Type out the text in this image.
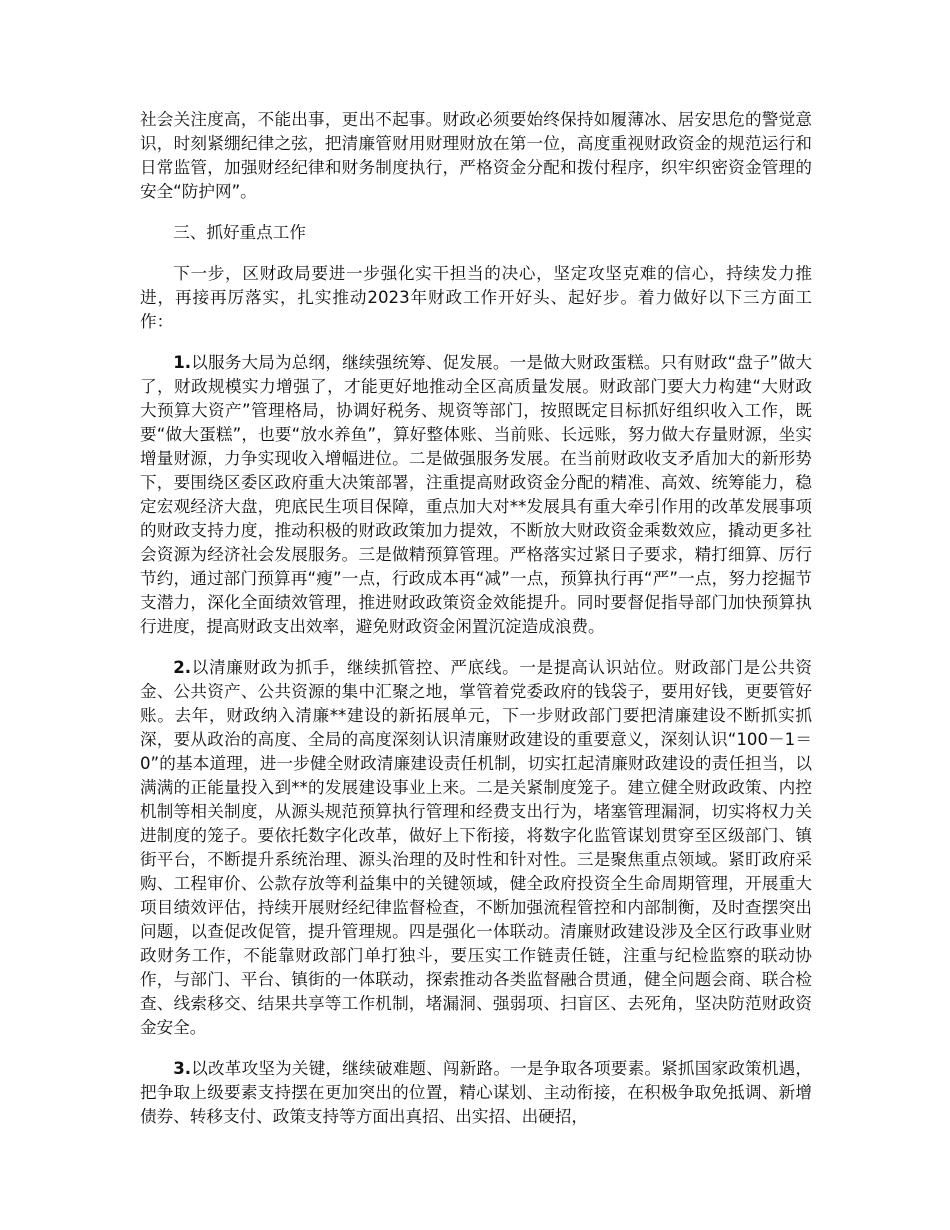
社会关注度高，不能出事，更出不起事。财政必须要始终保持如履薄冰、居安思危的警觉意识，时刻紧绷纪律之弦，把清廉管财用财理财放在第一位，高度重视财政资金的规范运行和日常监管，加强财经纪律和财务制度执行，严格资金分配和拨付程序，织牢织密资金管理的安全“防护网”。

三、抓好重点工作

下一步，区财政局要进一步强化实干担当的决心，坚定攻坚克难的信心，持续发力推进，再接再厉落实，扎实推动2023年财政工作开好头、起好步。着力做好以下三方面工作：

1.以服务大局为总纲，继续强统筹、促发展。一是做大财政蛋糕。只有财政“盘子”做大了，财政规模实力增强了，才能更好地推动全区高质量发展。财政部门要大力构建“大财政大预算大资产”管理格局，协调好税务、规资等部门，按照既定目标抓好组织收入工作，既要“做大蛋糕”，也要“放水养鱼”，算好整体账、当前账、长远账，努力做大存量财源，坐实增量财源，力争实现收入增幅进位。二是做强服务发展。在当前财政收支矛盾加大的新形势下，要围绕区委区政府重大决策部署，注重提高财政资金分配的精准、高效、统筹能力，稳定宏观经济大盘，兜底民生项目保障，重点加大对**发展具有重大牵引作用的改革发展事项的财政支持力度，推动积极的财政政策加力提效，不断放大财政资金乘数效应，撬动更多社会资源为经济社会发展服务。三是做精预算管理。严格落实过紧日子要求，精打细算、厉行节约，通过部门预算再“瘦”一点，行政成本再“减”一点，预算执行再“严”一点，努力挖掘节支潜力，深化全面绩效管理，推进财政政策资金效能提升。同时要督促指导部门加快预算执行进度，提高财政支出效率，避免财政资金闲置沉淀造成浪费。

2.以清廉财政为抓手，继续抓管控、严底线。一是提高认识站位。财政部门是公共资金、公共资产、公共资源的集中汇聚之地，掌管着党委政府的钱袋子，要用好钱，更要管好账。去年，财政纳入清廉**建设的新拓展单元，下一步财政部门要把清廉建设不断抓实抓深，要从政治的高度、全局的高度深刻认识清廉财政建设的重要意义，深刻认识“100－1＝0”的基本道理，进一步健全财政清廉建设责任机制，切实扛起清廉财政建设的责任担当，以满满的正能量投入到**的发展建设事业上来。二是关紧制度笼子。建立健全财政政策、内控机制等相关制度，从源头规范预算执行管理和经费支出行为，堵塞管理漏洞，切实将权力关进制度的笼子。要依托数字化改革，做好上下衔接，将数字化监管谋划贯穿至区级部门、镇街平台，不断提升系统治理、源头治理的及时性和针对性。三是聚焦重点领域。紧盯政府采购、工程审价、公款存放等利益集中的关键领域，健全政府投资全生命周期管理，开展重大项目绩效评估，持续开展财经纪律监督检查，不断加强流程管控和内部制衡，及时查摆突出问题，以查促改促管，提升管理规。四是强化一体联动。清廉财政建设涉及全区行政事业财政财务工作，不能靠财政部门单打独斗，要压实工作链责任链，注重与纪检监察的联动协作，与部门、平台、镇街的一体联动，探索推动各类监督融合贯通，健全问题会商、联合检查、线索移交、结果共享等工作机制，堵漏洞、强弱项、扫盲区、去死角，坚决防范财政资金安全。

3.以改革攻坚为关键，继续破难题、闯新路。一是争取各项要素。紧抓国家政策机遇，把争取上级要素支持摆在更加突出的位置，精心谋划、主动衔接，在积极争取免抵调、新增债券、转移支付、政策支持等方面出真招、出实招、出硬招，
